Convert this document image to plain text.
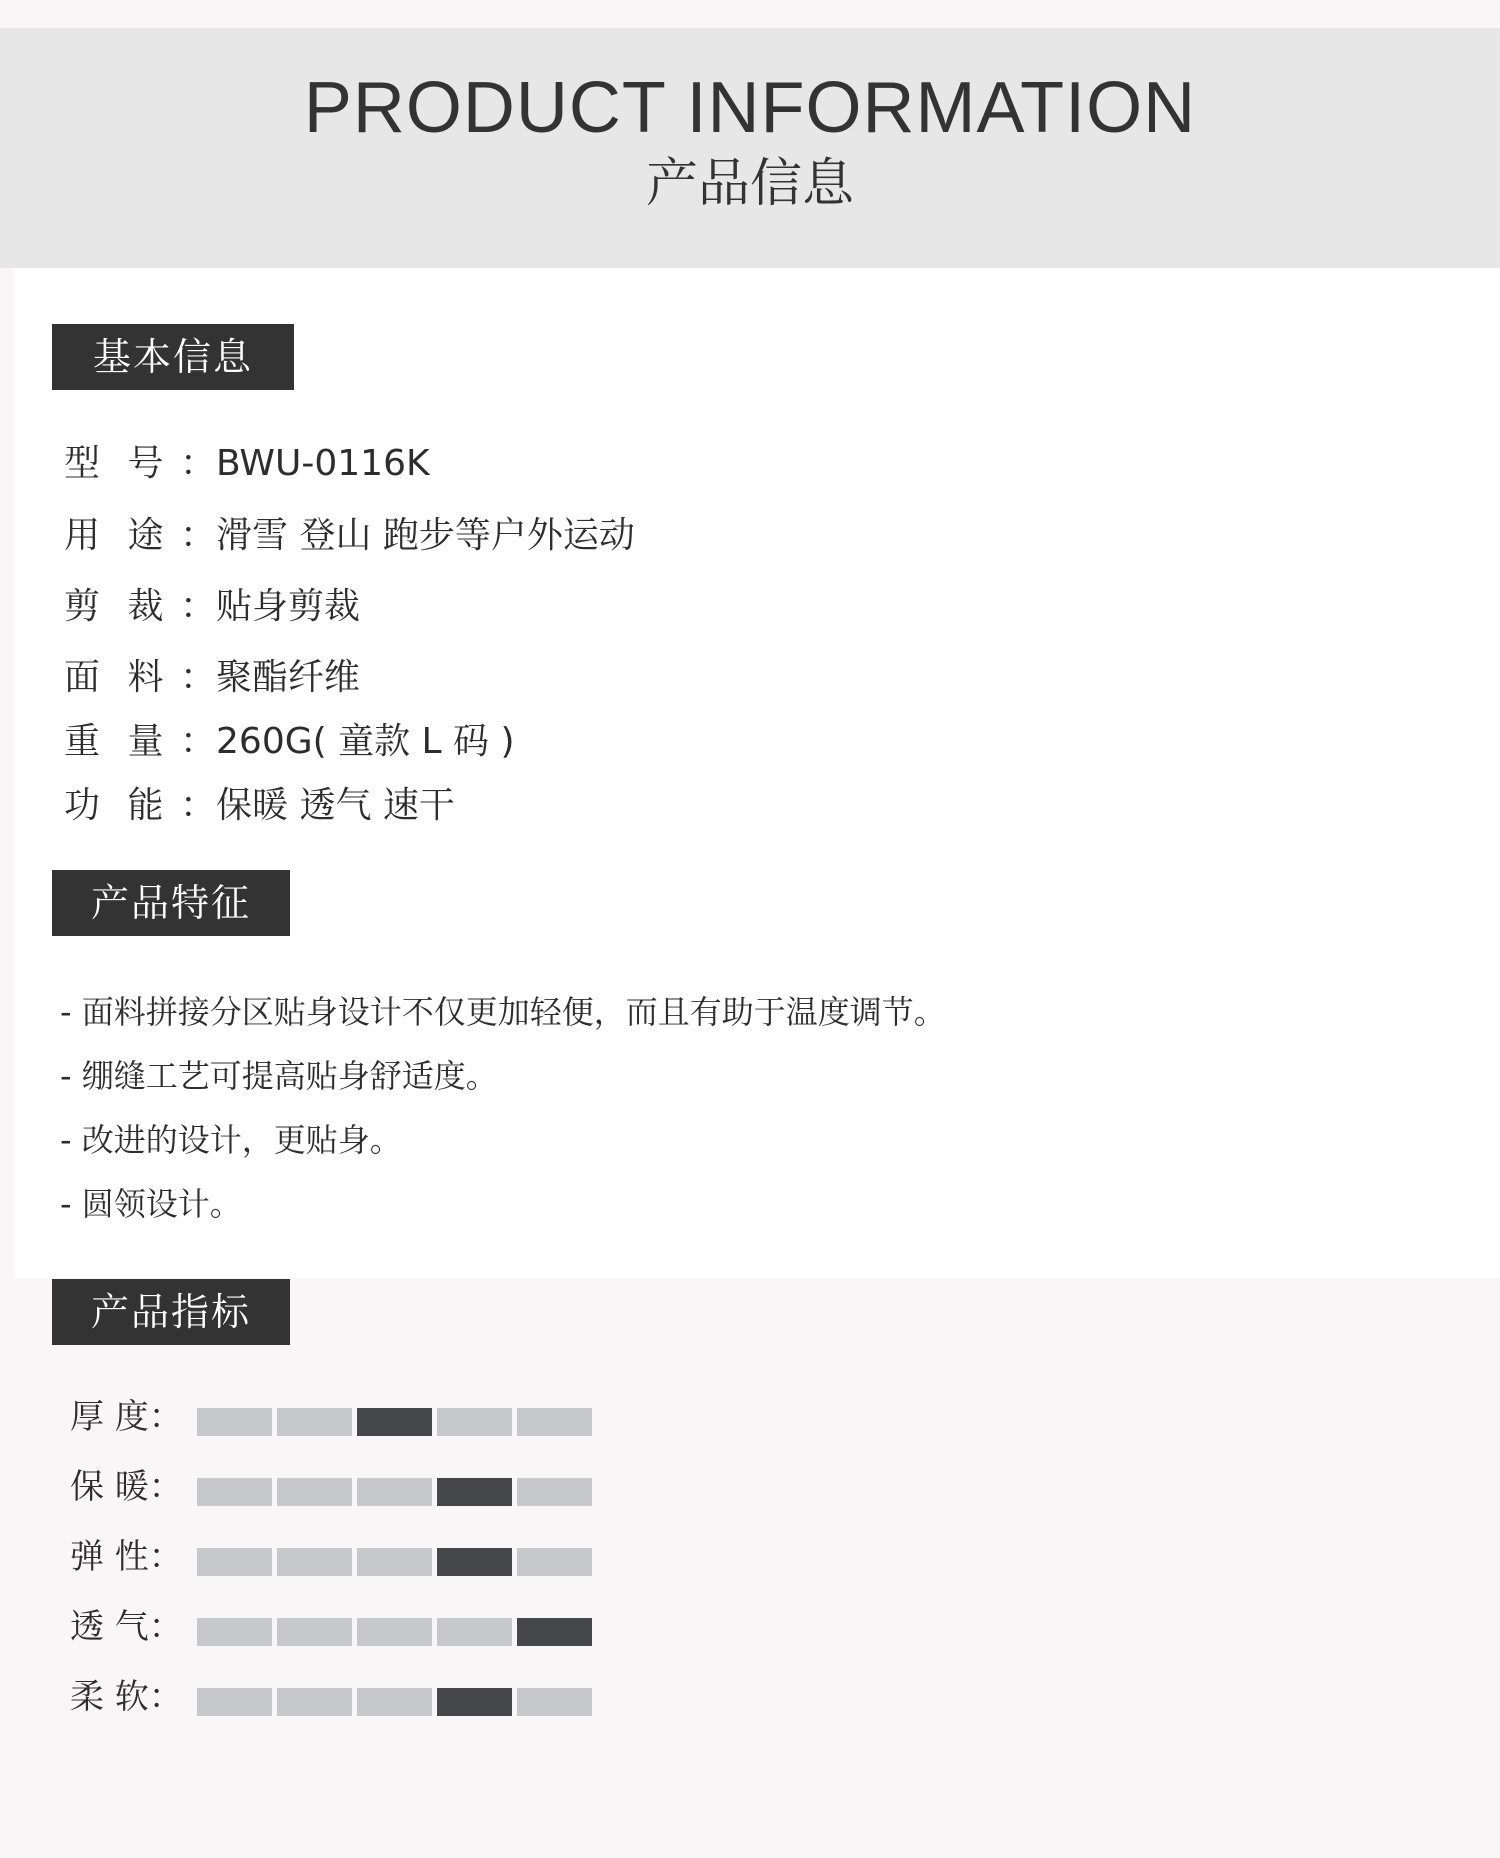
PRODUCT INFORMATION
产品信息
基本信息
型 号 ：BWU-0116K
用 途 ：滑雪 登山 跑步等户外运动
剪 裁 ：贴身剪裁
面 料 ：聚酯纤维
重 量 ：260G( 童款 L 码 )
功 能 ：保暖 透气 速干
产品特征
- 面料拼接分区贴身设计不仅更加轻便，而且有助于温度调节。
- 绷缝工艺可提高贴身舒适度。
- 改进的设计，更贴身。
- 圆领设计。
产品指标
厚 度：
保 暖：
弹 性：
透 气：
柔 软：
